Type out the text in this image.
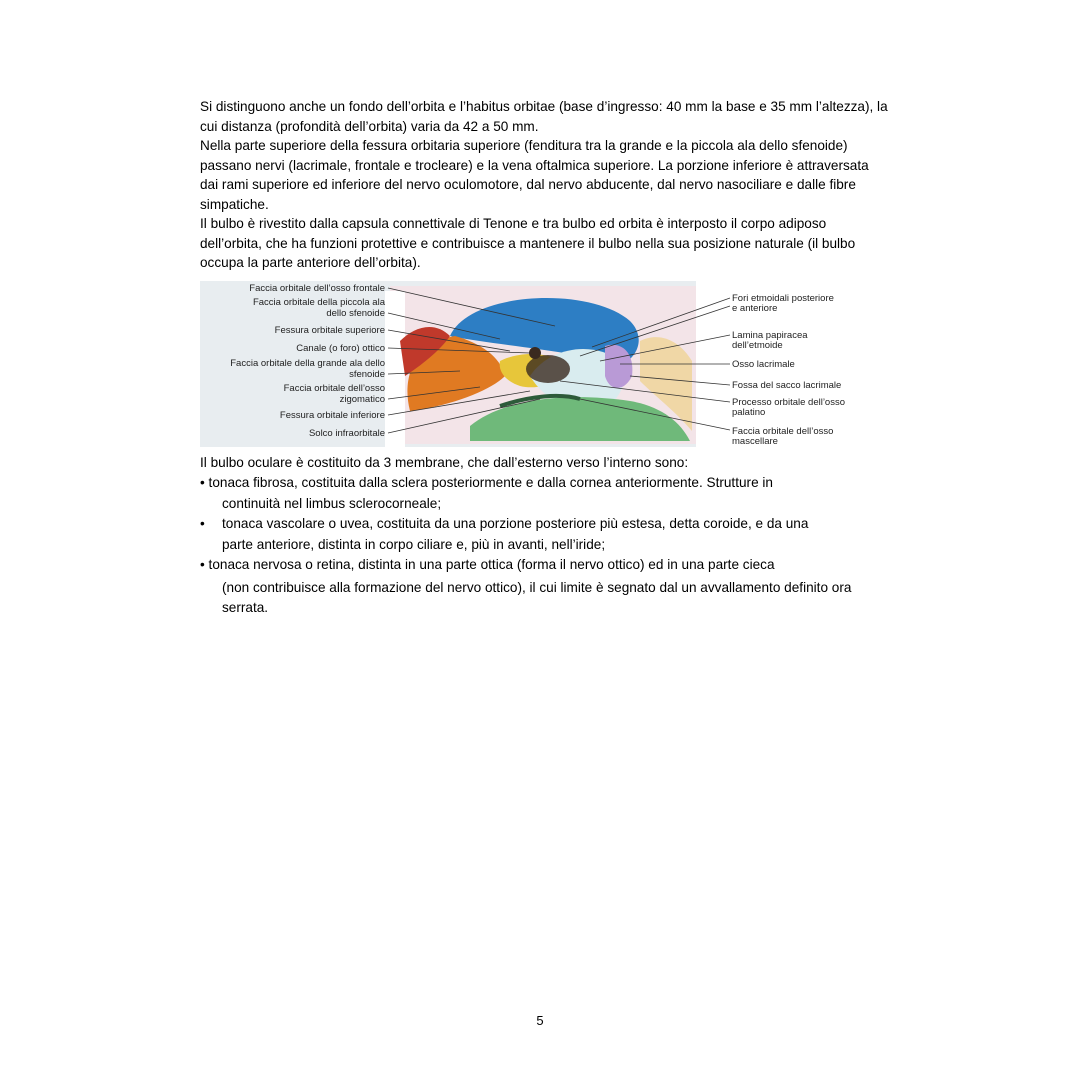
Si distinguono anche un fondo dell’orbita e l’habitus orbitae (base d’ingresso: 40 mm la base e 35 mm l’altezza), la cui distanza (profondità dell’orbita) varia da 42 a 50 mm.

Nella parte superiore della fessura orbitaria superiore (fenditura tra la grande e la piccola ala dello sfenoide) passano nervi (lacrimale, frontale e trocleare) e la vena oftalmica superiore. La porzione inferiore è attraversata dai rami superiore ed inferiore del nervo oculomotore, dal nervo abducente, dal nervo nasociliare e dalle fibre simpatiche.

Il bulbo è rivestito dalla capsula connettivale di Tenone e tra bulbo ed orbita è interposto il corpo adiposo dell’orbita, che ha funzioni protettive e contribuisce a mantenere il bulbo nella sua posizione naturale (il bulbo occupa la parte anteriore dell’orbita).

Faccia orbitale dell’osso frontale
Faccia orbitale della piccola ala
dello sfenoide
Fessura orbitale superiore
Canale (o foro) ottico
Faccia orbitale della grande ala dello
sfenoide
Faccia orbitale dell’osso
zigomatico
Fessura orbitale inferiore
Solco infraorbitale
Fori etmoidali posteriore
e anteriore
Lamina papiracea
dell’etmoide
Osso lacrimale
Fossa del sacco lacrimale
Processo orbitale dell’osso
palatino
Faccia orbitale dell’osso
mascellare

Il bulbo oculare è costituito da 3 membrane, che dall’esterno verso l’interno sono:

• tonaca fibrosa, costituita dalla sclera posteriormente e dalla cornea anteriormente. Strutture in
continuità nel limbus sclerocorneale;
• tonaca vascolare o uvea, costituita da una porzione posteriore più estesa, detta coroide, e da una
parte anteriore, distinta in corpo ciliare e, più in avanti, nell’iride;
• tonaca nervosa o retina, distinta in una parte ottica (forma il nervo ottico) ed in una parte cieca
(non contribuisce alla formazione del nervo ottico), il cui limite è segnato dal un avvallamento definito ora serrata.
5
